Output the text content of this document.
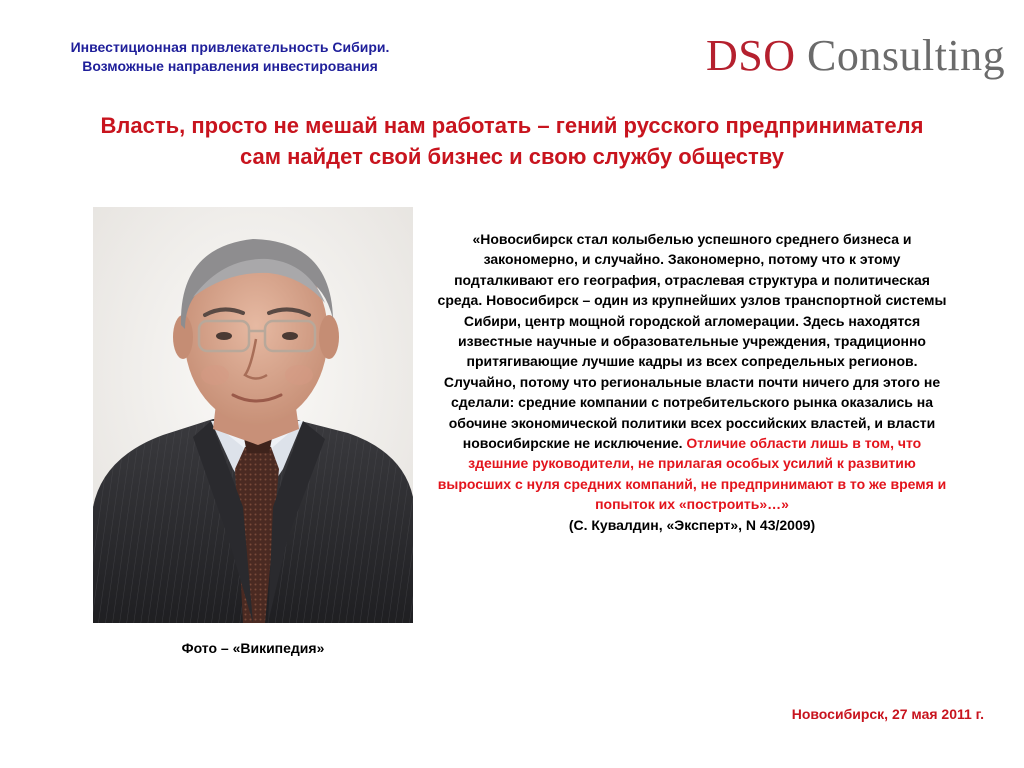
Инвестиционная привлекательность Сибири.
Возможные направления инвестирования	DSO Consulting
Власть, просто не мешай нам работать – гений русского предпринимателя
сам найдет свой бизнес и свою службу обществу
Фото – «Википедия»
«Новосибирск стал колыбелью успешного среднего бизнеса и закономерно, и случайно. Закономерно, потому что к этому подталкивают его география, отраслевая структура и политическая среда. Новосибирск – один из крупнейших узлов транспортной системы Сибири, центр мощной городской агломерации. Здесь находятся известные научные и образовательные учреждения, традиционно притягивающие лучшие кадры из всех сопредельных регионов. Случайно, потому что региональные власти почти ничего для этого не сделали: средние компании с потребительского рынка оказались на обочине экономической политики всех российских властей, и власти новосибирские не исключение. Отличие области лишь в том, что здешние руководители, не прилагая особых усилий к развитию выросших с нуля средних компаний, не предпринимают в то же время и попыток их «построить»…»
(С. Кувалдин, «Эксперт», N 43/2009)
Новосибирск, 27 мая 2011 г.
